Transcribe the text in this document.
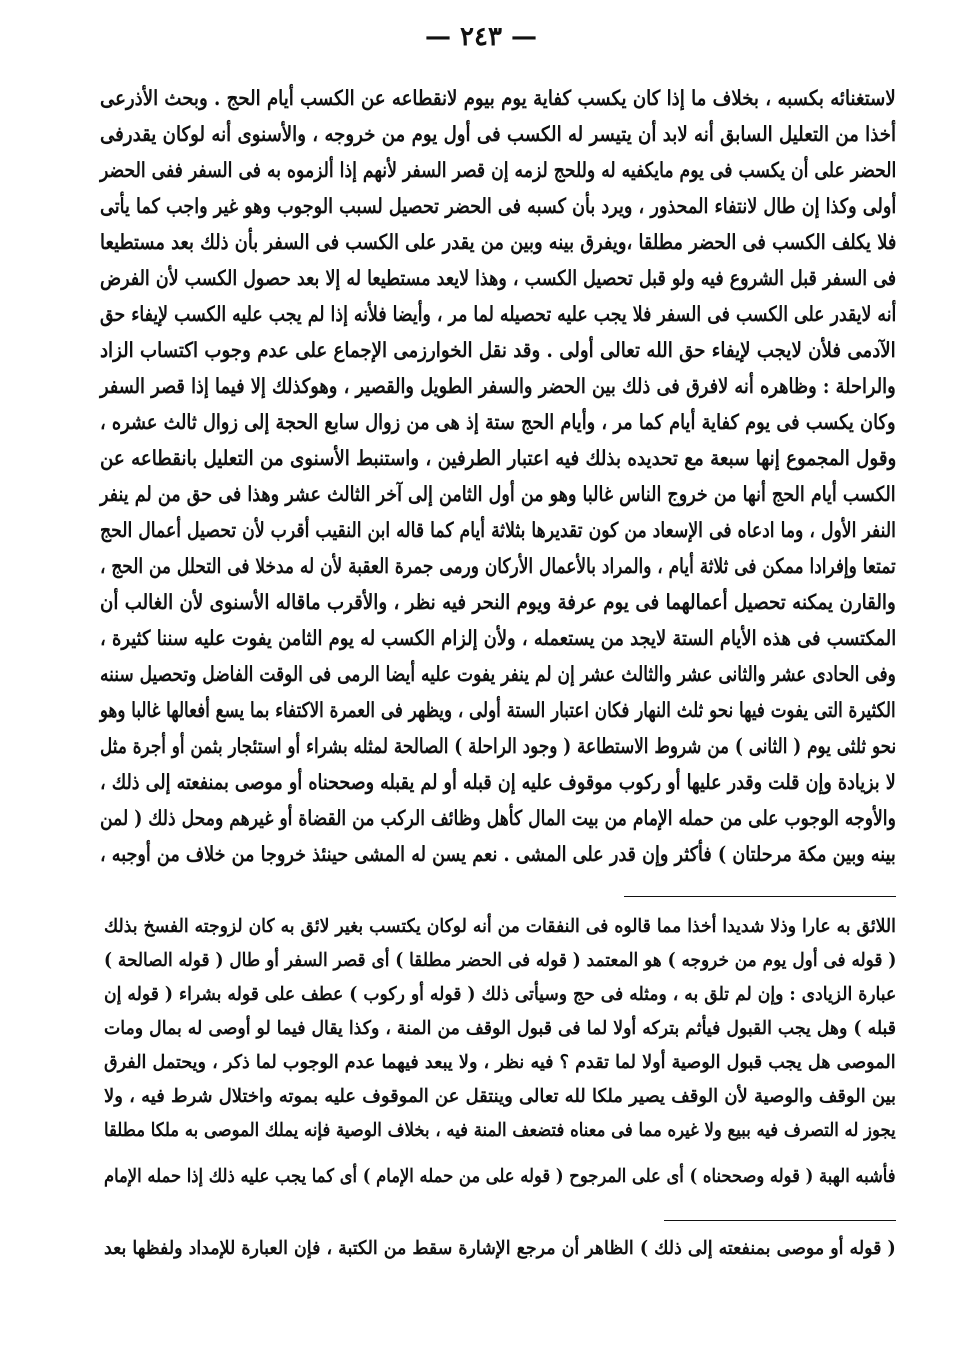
— ٢٤٣ —
لاستغنائه بكسبه ، بخلاف ما إذا كان يكسب كفاية يوم بيوم لانقطاعه عن الكسب أيام الحج . وبحث الأذرعى
أخذا من التعليل السابق أنه لابد أن يتيسر له الكسب فى أول يوم من خروجه ، والأسنوى أنه لوكان يقدرفى
الحضر على أن يكسب فى يوم مايكفيه له وللحج لزمه إن قصر السفر لأنهم إذا ألزموه به فى السفر ففى الحضر
أولى وكذا إن طال لانتفاء المحذور ، ويرد بأن كسبه فى الحضر تحصيل لسبب الوجوب وهو غير واجب كما يأتى
فلا يكلف الكسب فى الحضر مطلقا ،ويفرق بينه وبين من يقدر على الكسب فى السفر بأن ذلك بعد مستطيعا
فى السفر قبل الشروع فيه ولو قبل تحصيل الكسب ، وهذا لايعد مستطيعا له إلا بعد حصول الكسب لأن الفرض
أنه لايقدر على الكسب فى السفر فلا يجب عليه تحصيله لما مر ، وأيضا فلأنه إذا لم يجب عليه الكسب لإيفاء حق
الآدمى فلأن لايجب لإيفاء حق الله تعالى أولى . وقد نقل الخوارزمى الإجماع على عدم وجوب اكتساب الزاد
والراحلة : وظاهره أنه لافرق فى ذلك بين الحضر والسفر الطويل والقصير ، وهوكذلك إلا فيما إذا قصر السفر
وكان يكسب فى يوم كفاية أيام كما مر ، وأيام الحج ستة إذ هى من زوال سابع الحجة إلى زوال ثالث عشره ،
وقول المجموع إنها سبعة مع تحديده بذلك فيه اعتبار الطرفين ، واستنبط الأسنوى من التعليل بانقطاعه عن
الكسب أيام الحج أنها من خروج الناس غالبا وهو من أول الثامن إلى آخر الثالث عشر وهذا فى حق من لم ينفر
النفر الأول ، وما ادعاه فى الإسعاد من كون تقديرها بثلاثة أيام كما قاله ابن النقيب أقرب لأن تحصيل أعمال الحج
تمتعا وإفرادا ممكن فى ثلاثة أيام ، والمراد بالأعمال الأركان ورمى جمرة العقبة لأن له مدخلا فى التحلل من الحج ،
والقارن يمكنه تحصيل أعمالهما فى يوم عرفة ويوم النحر فيه نظر ، والأقرب ماقاله الأسنوى لأن الغالب أن
المكتسب فى هذه الأيام الستة لايجد من يستعمله ، ولأن إلزام الكسب له يوم الثامن يفوت عليه سننا كثيرة ،
وفى الحادى عشر والثانى عشر والثالث عشر إن لم ينفر يفوت عليه أيضا الرمى فى الوقت الفاضل وتحصيل سننه
الكثيرة التى يفوت فيها نحو ثلث النهار فكان اعتبار الستة أولى ، ويظهر فى العمرة الاكتفاء بما يسع أفعالها غالبا وهو
نحو ثلثى يوم ( الثانى ) من شروط الاستطاعة ( وجود الراحلة ) الصالحة لمثله بشراء أو استئجار بثمن أو أجرة مثل
لا بزيادة وإن قلت وقدر عليها أو ركوب موقوف عليه إن قبله أو لم يقبله وصححناه أو موصى بمنفعته إلى ذلك ،
والأوجه الوجوب على من حمله الإمام من بيت المال كأهل وظائف الركب من القضاة أو غيرهم ومحل ذلك ( لمن
بينه وبين مكة مرحلتان ) فأكثر وإن قدر على المشى . نعم يسن له المشى حينئذ خروجا من خلاف من أوجبه ،
اللائق به عارا وذلا شديدا أخذا مما قالوه فى النفقات من أنه لوكان يكتسب بغير لائق به كان لزوجته الفسخ بذلك
( قوله فى أول يوم من خروجه ) هو المعتمد ( قوله فى الحضر مطلقا ) أى قصر السفر أو طال ( قوله الصالحة )
عبارة الزيادى : وإن لم تلق به ، ومثله فى حج وسيأتى ذلك ( قوله أو ركوب ) عطف على قوله بشراء ( قوله إن
قبله ) وهل يجب القبول فيأثم بتركه أولا لما فى قبول الوقف من المنة ، وكذا يقال فيما لو أوصى له بمال ومات
الموصى هل يجب قبول الوصية أولا لما تقدم ؟ فيه نظر ، ولا يبعد فيهما عدم الوجوب لما ذكر ، ويحتمل الفرق
بين الوقف والوصية لأن الوقف يصير ملكا لله تعالى وينتقل عن الموقوف عليه بموته واختلال شرط فيه ، ولا
يجوز له التصرف فيه ببيع ولا غيره مما فى معناه فتضعف المنة فيه ، بخلاف الوصية فإنه يملك الموصى به ملكا مطلقا
فأشبه الهبة ( قوله وصححناه ) أى على المرجوح ( قوله على من حمله الإمام ) أى كما يجب عليه ذلك إذا حمله الإمام
( قوله أو موصى بمنفعته إلى ذلك ) الظاهر أن مرجع الإشارة سقط من الكتبة ، فإن العبارة للإمداد ولفظها بعد
